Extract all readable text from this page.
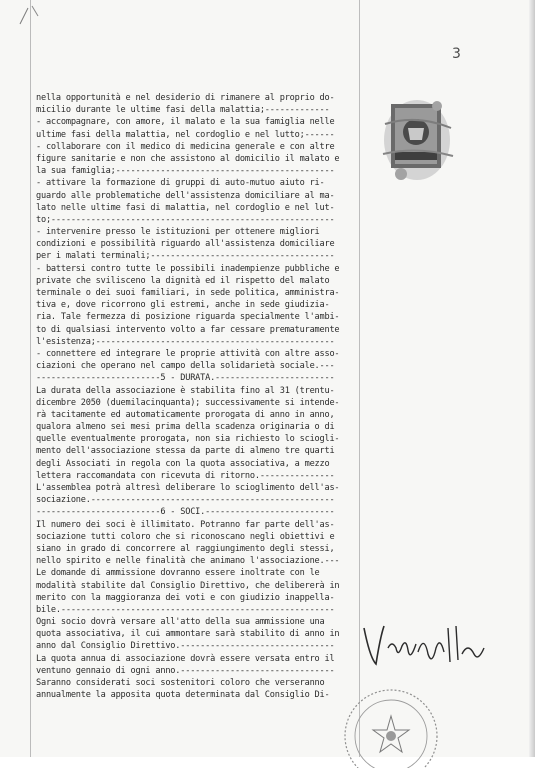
3
nella opportunità e nel desiderio di rimanere al proprio do-
micilio durante le ultime fasi della malattia;-------------
- accompagnare, con amore, il malato e la sua famiglia nelle
ultime fasi della malattia, nel cordoglio e nel lutto;------
- collaborare con il medico di medicina generale e con altre
figure sanitarie e non che assistono al domicilio il malato e
la sua famiglia;--------------------------------------------
- attivare la formazione di gruppi di auto-mutuo aiuto ri-
guardo alle problematiche dell'assistenza domiciliare al ma-
lato nelle ultime fasi di malattia, nel cordoglio e nel lut-
to;---------------------------------------------------------
- intervenire presso le istituzioni per ottenere migliori
condizioni e possibilità riguardo all'assistenza domiciliare
per i malati terminali;-------------------------------------
- battersi contro tutte le possibili inadempienze pubbliche e
private che svilisceno la dignità ed il rispetto del malato
terminale o dei suoi familiari, in sede politica, amministra-
tiva e, dove ricorrono gli estremi, anche in sede giudizia-
ria. Tale fermezza di posizione riguarda specialmente l'ambi-
to di qualsiasi intervento volto a far cessare prematuramente
l'esistenza;------------------------------------------------
- connettere ed integrare le proprie attività con altre asso-
ciazioni che operano nel campo della solidarietà sociale.---
-------------------------5 - DURATA.------------------------
La durata della associazione è stabilita fino al 31 (trentu-
dicembre 2050 (duemilacinquanta); successivamente si intende-
rà tacitamente ed automaticamente prorogata di anno in anno,
qualora almeno sei mesi prima della scadenza originaria o di
quelle eventualmente prorogata, non sia richiesto lo sciogli-
mento dell'associazione stessa da parte di almeno tre quarti
degli Associati in regola con la quota associativa, a mezzo
lettera raccomandata con ricevuta di ritorno.---------------
L'assemblea potrà altresì deliberare lo scioglimento dell'as-
sociazione.-------------------------------------------------
-------------------------6 - SOCI.--------------------------
Il numero dei soci è illimitato. Potranno far parte dell'as-
sociazione tutti coloro che si riconoscano negli obiettivi e
siano in grado di concorrere al raggiungimento degli stessi,
nello spirito e nelle finalità che animano l'associazione.---
Le domande di ammissione dovranno essere inoltrate con le
modalità stabilite dal Consiglio Direttivo, che delibererà in
merito con la maggioranza dei voti e con giudizio inappella-
bile.-------------------------------------------------------
Ogni socio dovrà versare all'atto della sua ammissione una
quota associativa, il cui ammontare sarà stabilito di anno in
anno dal Consiglio Direttivo.-------------------------------
La quota annua di associazione dovrà essere versata entro il
ventuno gennaio di ogni anno.-------------------------------
Saranno considerati soci sostenitori coloro che verseranno
annualmente la apposita quota determinata dal Consiglio Di-
